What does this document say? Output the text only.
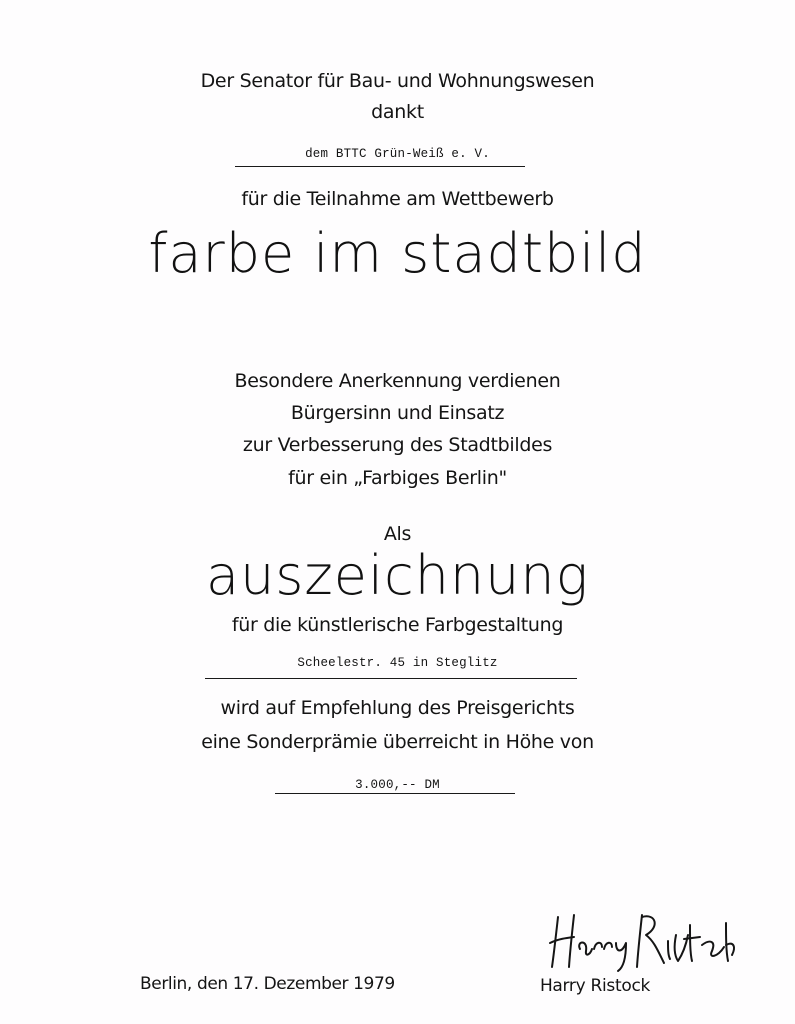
Der Senator für Bau- und Wohnungswesen
dankt
dem BTTC Grün-Weiß e. V.
für die Teilnahme am Wettbewerb
farbe im stadtbild
Besondere Anerkennung verdienen
Bürgersinn und Einsatz
zur Verbesserung des Stadtbildes
für ein „Farbiges Berlin"
Als
auszeichnung
für die künstlerische Farbgestaltung
Scheelestr. 45 in Steglitz
wird auf Empfehlung des Preisgerichts
eine Sonderprämie überreicht in Höhe von
3.000,-- DM
Berlin, den 17. Dezember 1979	Harry Ristock
